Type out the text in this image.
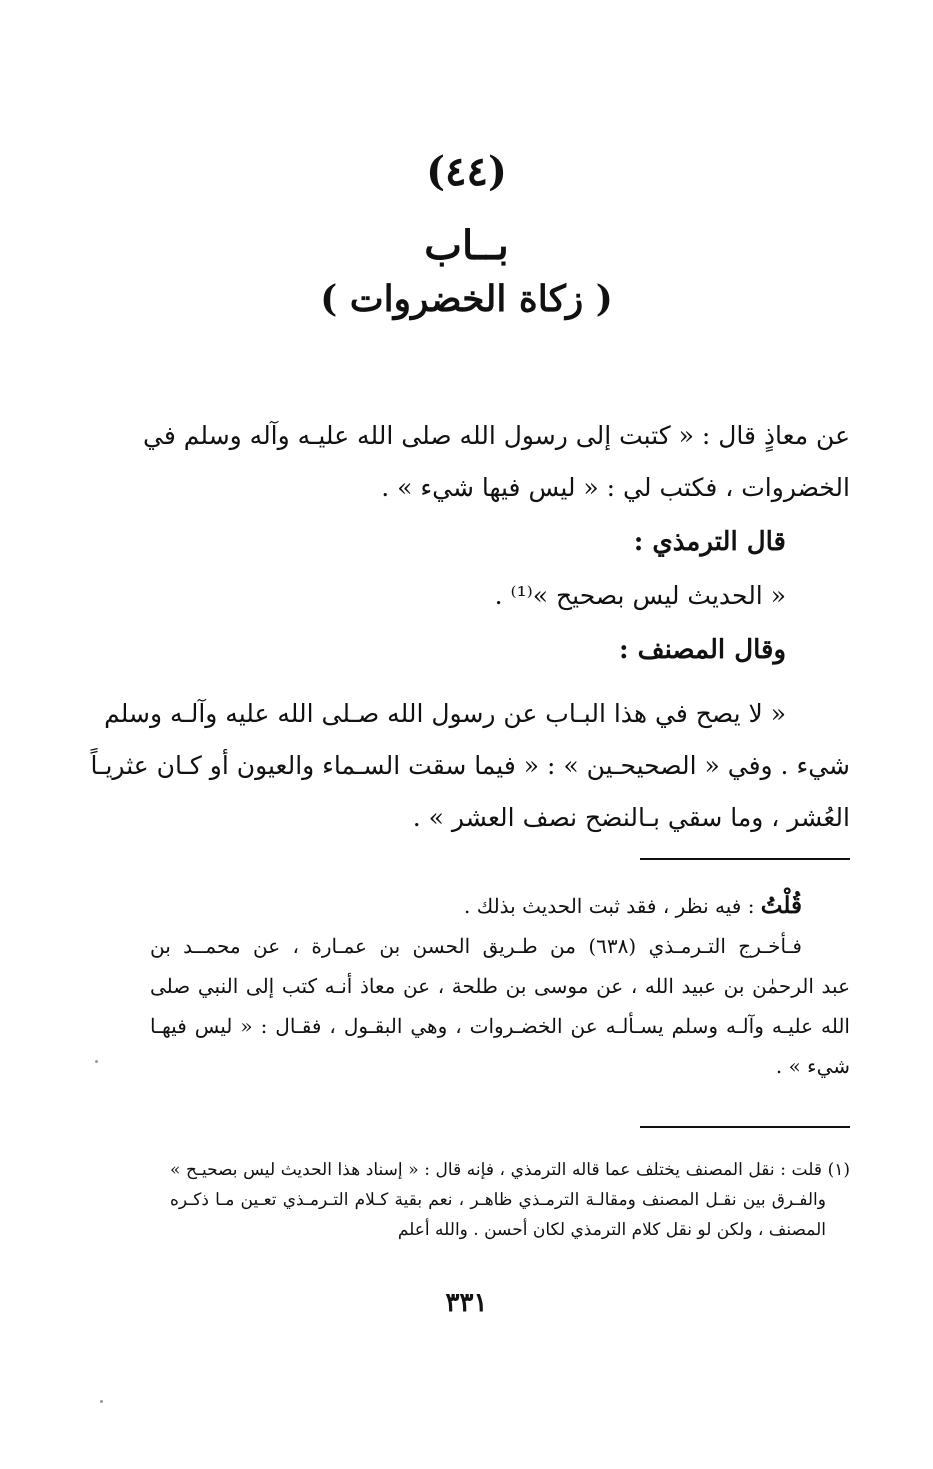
(٤٤)
بــاب
( زكاة الخضروات )
عن معاذٍ قال : « كتبت إلى رسول الله صلى الله عليـه وآله وسلم في
الخضروات ، فكتب لي : « ليس فيها شيء » .
قال الترمذي :
« الحديث ليس بصحيح »⁽¹⁾ .
وقال المصنف :
« لا يصح في هذا البـاب عن رسول الله صـلى الله عليه وآلـه وسلم
شيء . وفي « الصحيحـين » : « فيما سقت السـماء والعيون أو كـان عثريـاً
العُشر ، وما سقي بـالنضح نصف العشر » .
قُلْتُ : فيه نظر ، فقد ثبت الحديث بذلك .
فـأخـرج التـرمـذي (٦٣٨) من طـريق الحسن بن عمـارة ، عن محمــد بن
عبد الرحمٰن بن عبيد الله ، عن موسى بن طلحة ، عن معاذ أنـه كتب إلى النبي صلى
الله عليـه وآلـه وسلم يسـألـه عن الخضـروات ، وهي البقـول ، فقـال : « ليس فيهـا
شيء » .
(١) قلت : نقل المصنف يختلف عما قاله الترمذي ، فإنه قال : « إسناد هذا الحديث ليس بصحيـح »
والفـرق بين نقـل المصنف ومقالـة الترمـذي ظاهـر ، نعم بقية كـلام التـرمـذي تعـين مـا ذكـره
المصنف ، ولكن لو نقل كلام الترمذي لكان أحسن . والله أعلم
٣٣١
